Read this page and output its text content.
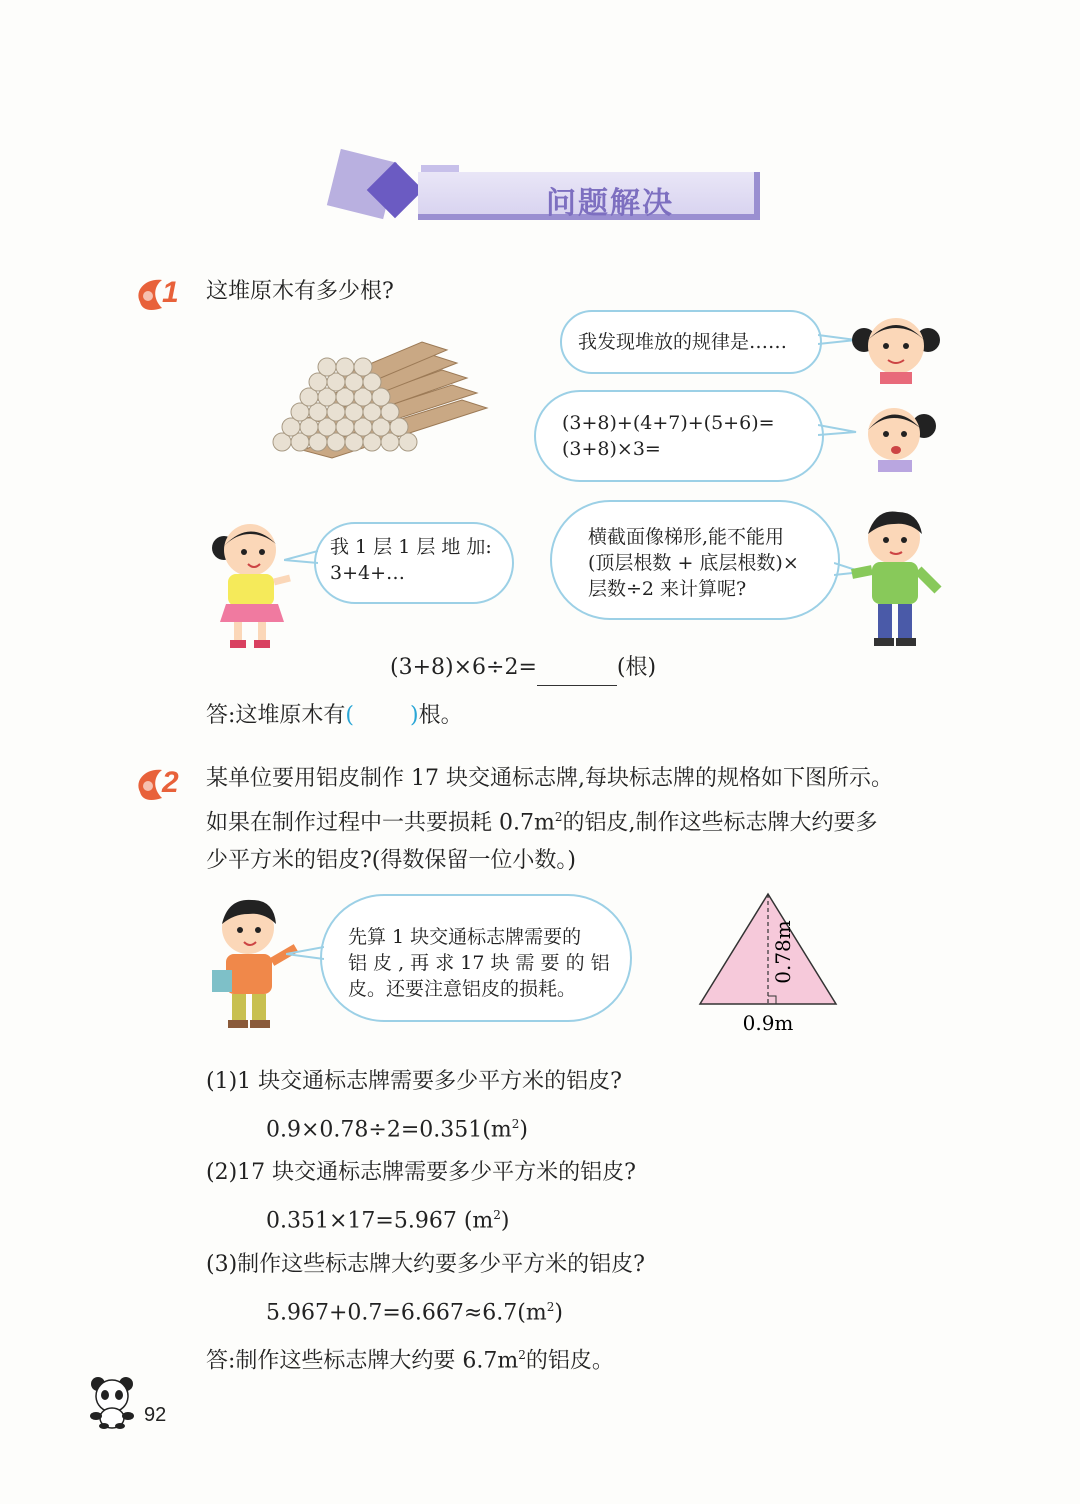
问题解决
1 这堆原木有多少根?
我发现堆放的规律是……
(3+8)+(4+7)+(5+6)=
(3+8)×3=
我 1 层 1 层 地 加:
3+4+…
横截面像梯形,能不能用
(顶层根数 + 底层根数)×
层数÷2 来计算呢?
(3+8)×6÷2=	(根)
答:这堆原木有(	)根。
2 某单位要用铝皮制作 17 块交通标志牌,每块标志牌的规格如下图所示。
如果在制作过程中一共要损耗 $0.7m^2$的铝皮,制作这些标志牌大约要多
少平方米的铝皮?(得数保留一位小数。)
先算 1 块交通标志牌需要的
铝 皮 , 再 求 17 块 需 要 的 铝
皮。还要注意铝皮的损耗。
0.78m
0.9m
(1)1 块交通标志牌需要多少平方米的铝皮?
$0.9\times 0.78\div 2=0.351(m^2)$
(2)17 块交通标志牌需要多少平方米的铝皮?
0.351×17=5.967 $(m^2)$
(3)制作这些标志牌大约要多少平方米的铝皮?
$5.967+0.7=6.667\approx 6.7(m^2)$
答:制作这些标志牌大约要 $6.7m^2$的铝皮。
92
